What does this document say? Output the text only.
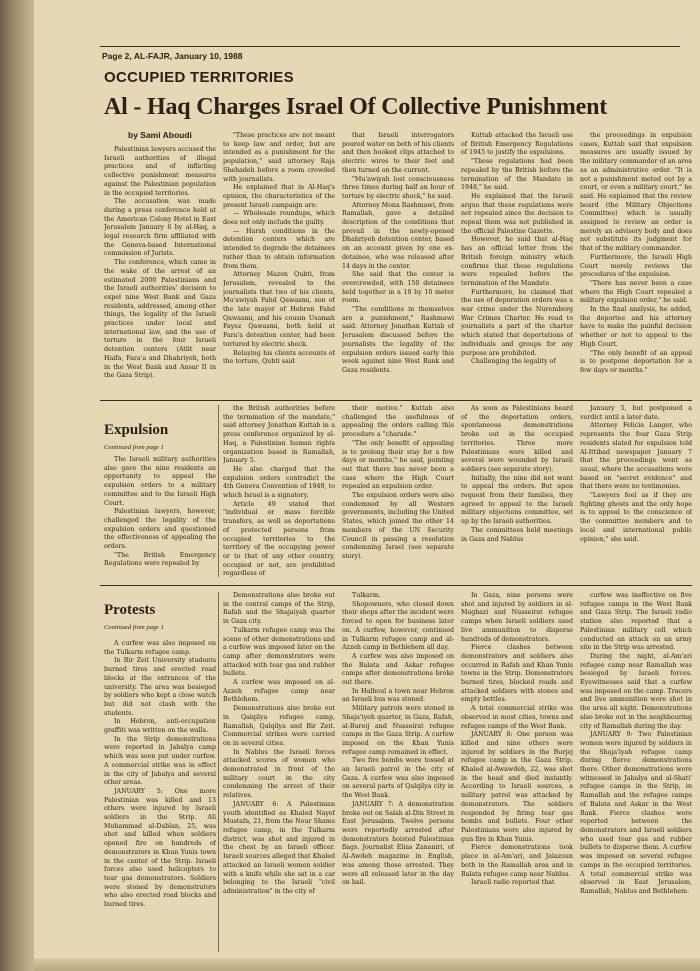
Page 2, AL-FAJR, January 10, 1988
OCCUPIED TERRITORIES
Al - Haq Charges Israel Of Collective Punishment
by Sami Aboudi

Palestinian lawyers accused the Israeli authorities of illegal practices and of inflicting collective punishment measures against the Palestinian population in the occupied territories.

The accusation was made during a press conference held at the American Colony Hotel in East Jerusalem January 6 by al-Haq, a legal research firm affiliated with the Geneva-based International commission of Jurists.

The conference, which came in the wake of the arrest of an estimated 2000 Palestinians and the Israeli authorities' decision to expel nine West Bank and Gaza residents, addressed, among other things, the legality of the Israeli practices under local and international law, and the use of torture in the four Israeli detention centers (Atlit near Haifa, Fara'a and Dhahriyeh, both in the West Bank and Ansar II in the Gaza Strip).

"These practices are not meant to keep law and order, but are intended as a punishment for the population," said attorney Raja Shehadeh before a room crowded with journalists.

He explained that in Al-Haq's opinion, the characteristics of the present Israeli campaign are:

— Wholesale roundups, which does not only include the guilty.

— Harsh conditions in the detention centers which are intended to degrade the detainees rather than to obtain information from them.

Attorney Mazen Qubti, from Jerusalem, revealed to the journalists that two of his clients, Mu'awiyah Fahd Qawasmi, son of the late mayor of Hebron Fahd Qawasmi, and his cousin Usamah Fayez Qawasmi, both held at Fara'a detention center, had been tortured by electric shock.

Relaying his clients accounts of the torture, Qubti said

that Israeli interrogators poured water on both of his clients and then hooked clips attached to electric wires to their feet and then turned on the current.

"Mu'awiyah lost consciousness three times during half an hour of torture by electric shock," he said.

Attorney Mona Rashmawi, from Ramallah, gave a detailed description of the conditions that prevail in the newly-opened Dhahriyeh detention center, based on an account given by one ex-detainee, who was released after 14 days in the center.

She said that the center is overcrowded, with 150 detainees held together in a 10 by 10 meter room.

"The conditions in themselves are a punishment," Rashmawi said. Attorney Jonathan Kuttab of Jerusalem discussed before the journalists the legality of the expulsion orders issued early this week against nine West Bank and Gaza residents.

Kuttab attacked the Israeli use of British Emergency Regulations of 1945 to justify the expulsions.

"These regulations had been repealed by the British before the termination of the Mandate in 1948," he said.

He explained that the Israeli argue that these regulations were not repealed since the decision to repeal them was not published in the official Palestine Gazette.

However, he said that al-Haq has an official letter from the British foreign ministry which confirms that these regulations were repealed before the termination of the Mandate.

Furthermore, he claimed that the use of deporation orders was a war crime under the Nuremberg War Crimes Charter. He read to journalists a part of the charter which stated that deportations of individuals and groups for any purpose are prohibited.

Challenging the legality of

the proceedings in expulsion cases, Kuttab said that expulsion measures are usually issued by the military commander of an area as an administrative order. "It is not a punishment meted out by a court, or even a military court," he said. He explained that the review board (the Military Objections Committee) which is usually assigned to review an order is merely an advisory body and does not substitute its judgment for that of the military commander.

Furthermore, the Israeli High Court merely reviews the procedures of the expulsion.

"There has never been a case where the High Court repealed a military expulsion order," he said.

In the final analysis, he added, the deportee and his attorney have to make the painful decision whether or not to appeal to the High Court.

"The only benefit of an appeal is to postpone deportation for a few days or months."

Expulsion
Continued from page 1

The Israeli military authorities also gave the nine residents an opportunity to appeal the expulsion orders to a military committee and to the Israeli High Court.

Palestinian lawyers, however, challenged the legality of the expulsion orders and questioned the effectiveness of appealing the orders.

"The British Emergency Regulations were repealed by

the British authorities before the termination of the mandate," said attorney Jonathan Kuttab in a press conference organized by al-Haq, a Palestinian human rights organization based in Ramallah, January 5.

He also charged that the expulsion orders contradict the 4th Geneva Convention of 1949, to which Israel is a signatory.

Article 49 stated that "individual or mass forcible transfers, as well as deportations of protected persons from occupied territories to the territory of the occupying power or to that of any other country, occupied or not, are prohibited regardless of

their motive." Kuttab also challenged the usefulness of appealing the orders calling this procedure a "charade."

"The only benefit of appealing is to prolong their stay for a few days or months," he said, pointing out that there has never been a case where the High Court repealed an expulsion order.

The expulsion orders were also condemned by all Western governments, including the United States, which joined the other 14 members of the UN Security Council in passing a resolution condemning Israel (see separate story).

As soon as Palestinians heard of the deportation orders, spontaneous demonstrations broke out in the occupied territories. Three more Palestinians were killed and several were wounded by Israeli soldiers (see separate story).

Initially, the nine did not want to appeal the orders. But upon request from their families, they agreed to appeal to the Israeli military objections committee, set up by the Israeli authorities.

The committees held meetings in Gaza and Nablus

January 5, but postponed a verdict until a later date.

Attorney Felicia Langer, who represents the four Gaza Strip residents slated for expulsion told Al-Ittihad newspaper January 7 that the proceedings went as usual, where the accusations were based on "secret evidence" and that there were no testimonies.

"Lawyers feel as if they are fighting ghosts and the only hope is to appeal to the conscience of the committee members and to local and international public opinion," she said.

Protests
Continued from page 1

A curfew was also imposed on the Tulkarm refugee camp.

In Bir Zeit University students burned tires and erected road blocks at the entrances of the university. The area was besieged by soldiers who kept a close watch but did not clash with the students.

In Hebron, anti-occupation graffiti was written on the walls.

In the Strip demonstrations were reported in Jabalya camp which was soon put under curfew. A commercial strike was in effect in the city of Jabalya and several other areas.

JANUARY 5: One more Palestinian was killed and 13 others were injured by Israeli soldiers in the Strip. Ali Muhammad al-Dablan, 25, was shot and killed when soldiers opened fire on hundreds of demonstrators in Khan Yunis town in the center of the Strip. Israeli forces also used helicopters to tear gas demonstrators. Soldiers were stoned by demonstrators who also erected road blocks and burned tires.

Demonstrations also broke out in the central camps of the Strip, Rafah and the Shajaiyah quarter in Gaza city.

Tulkarm refugee camp was the scene of other demonstrations and a curfew was imposed later on the camp after demonstrators were attacked with tear gas and rubber bullets.

A curfew was imposed on al-Azzeh refugee camp near Bethlehem.

Demonstrations also broke out in Qalqilya refugee camp, Ramallah, Qalqilya and Bir Zeit. Commercial strikes were carried on in several cities.

In Nablus the Israeli forces attacked scores of women who demonstrated in front of the military court in the city condemning the arrest of their relatives.

JANUARY 6: A Palestinian youth identified as Khaled Nayef Mustafa, 21, from the Nour Shams refugee camp, in the Tulkarm district, was shot and injured in the chest by an Israeli officer. Israeli sources alleged that Khaled attacked an Israeli women soldier with a knife while she sat in a car belonging to the Israeli "civil administration" in the city of

Tulkarm.

Shopowners, who closed down their shops after the incident were forced to open for business later on. A curfew, however, continued in Tulkarm refugee camp and al-Azzeh camp in Bethlehem all day.

A curfew was also imposed on the Balata and Askar refugee camps after demonstrations broke out there.

In Halhoul a town near Hebron an Israeli bus was stoned.

Military patrols were stoned in Shaja'iyeh quarter, in Gaza, Rafah, al-Bureij and Nusseirat refugee camps in the Gaza Strip. A curfew imposed on the Khan Yunis refugee camp remained in effect.

Two fire bombs were tossed at an Israeli patrol in the city of Gaza. A curfew was also imposed on several parts of Qalqilya city in the West Bank.

JANUARY 7: A demonstration broke out on Salah al-Din Street in East Jerusalem. Twelve persons were reportedly arrested after demonstrators hoisted Palestinian flags. Journalist Elias Zananiri, of Al-Awdeh magazine in English, was among those arrested. They were all released later in the day on bail.

In Gaza, nine persons were shot and injured by soldiers in al-Maghazi and Nusseirat refugee camps when Israeli soldiers used live ammunition to disperse hundreds of demonstrators.

Fierce clashes between demonstrators and soldiers also occurred in Rafah and Khan Yunis towns in the Strip. Demonstrators burned tires, blocked roads and attacked soldiers with stones and empty bottles.

A total commercial strike was observed in most cities, towns and refugee camps of the West Bank.

JANUARY 8: One person was killed and nine others were injured by soldiers in the Burjej refugee camp in the Gaza Strip. Khaled al-Awawdeh, 22, was shot in the head and died instantly. According to Israeli sources, a military patrol was attacked by demonstrators. The soldiers responded by firing tear gas bombs and bullets. Four other Palestinians were also injured by gun fire in Khan Yunis.

Fierce demonstrations took place in al-Am'ari, and Jalazoun both in the Ramallah area and in Balata refugee camp near Nablus.

Israeli radio reported that

curfew was ineffective on five refugee camps in the West Bank and Gaza Strip. The Israeli radio station also reported that a Palestinian military cell which conducted an attack on an army site in the Strip was arrested.

During the night, al-Am'ari refugee camp near Ramallah was besieged by Israeli forces. Eyewitnesses said that a curfew was imposed on the camp. Tracers and live ammunition were shot in the area all night. Demonstrations also broke out in the neighbouring city of Ramallah during the day.

JANUARY 9: Two Palestinian women were injured by soldiers in the Shaja'iyah refugee camp during fierce demonstrations there. Other demonstrations were witnessed in Jabalya and al-Shati' refugee camps in the Strip, in Ramallah and the refugee camps of Balata and Askar in the West Bank. Fierce clashes were reported between the demonstrators and Israeli soldiers who used tear gas and rubber bullets to disperse them. A curfew was imposed on several refugee camps in the occupied territories. A total commercial strike was observed in East Jerusalem, Ramallah, Nablus and Bethlehem.
